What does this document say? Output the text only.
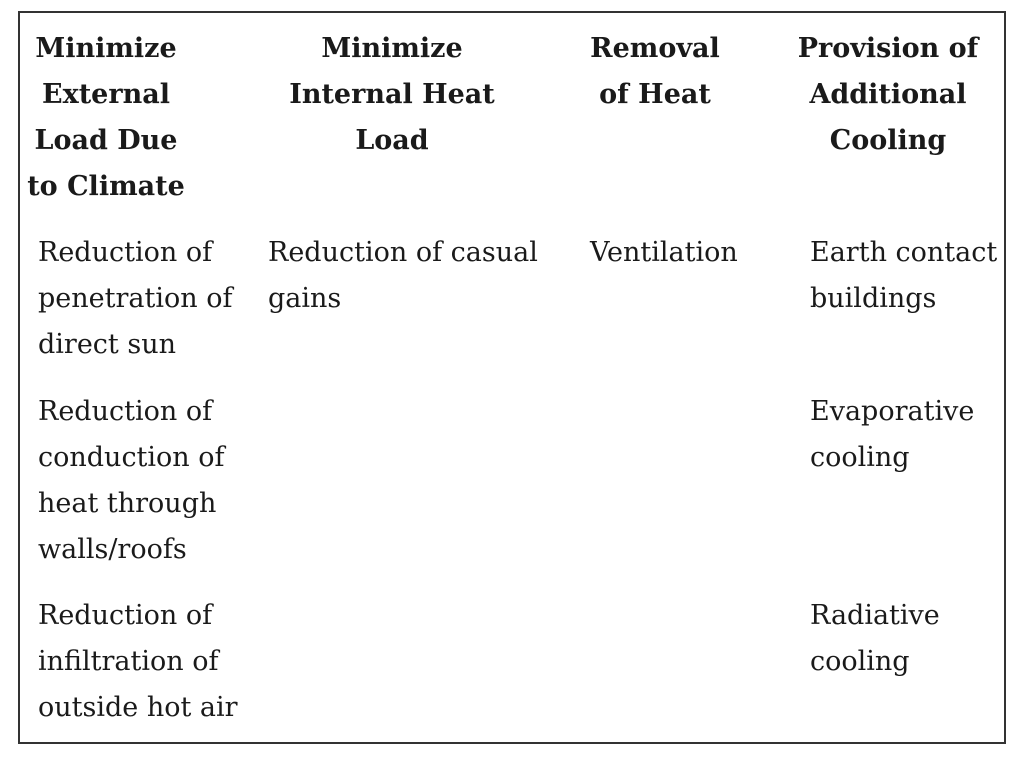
Minimize
External
Load Due
to Climate
Minimize
Internal Heat
Load
Removal
of Heat
Provision of
Additional
Cooling
Reduction of
penetration of
direct sun
Reduction of casual
gains
Ventilation	Earth contact
buildings
Reduction of
conduction of
heat through
walls/roofs
Evaporative
cooling
Reduction of
infiltration of
outside hot air
Radiative
cooling
